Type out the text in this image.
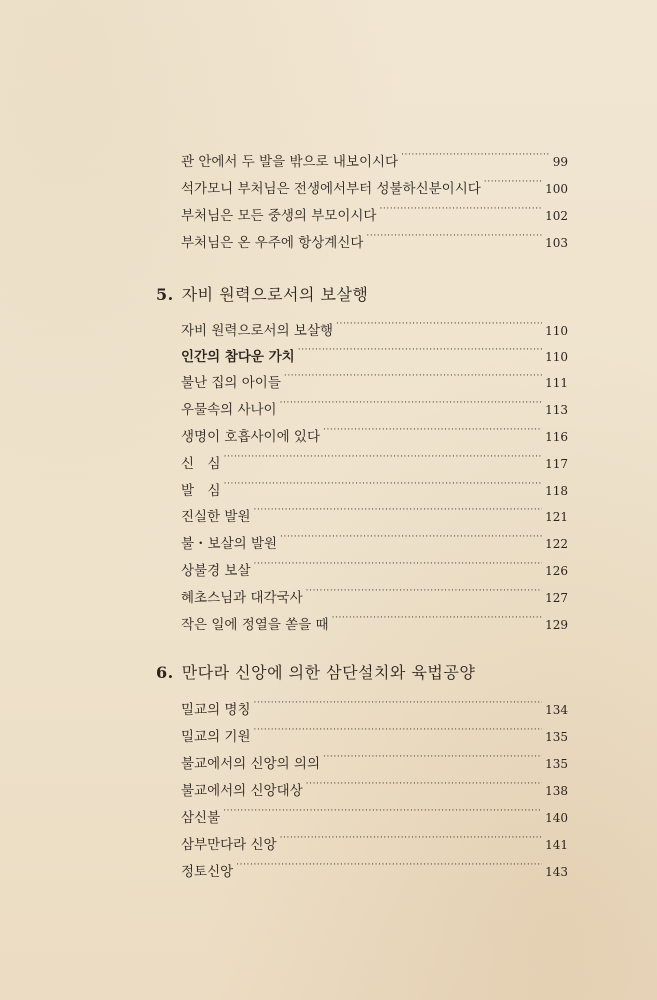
관 안에서 두 발을 밖으로 내보이시다 ·····	99
석가모니 부처님은 전생에서부터 성불하신분이시다 ·····	100
부처님은 모든 중생의 부모이시다 ·····	102
부처님은 온 우주에 항상계신다 ·····	103
5. 자비 원력으로서의 보살행
자비 원력으로서의 보살행 ·····	110
인간의 참다운 가치 ·····	110
불난 집의 아이들 ·····	111
우물속의 사나이 ·····	113
생명이 호흡사이에 있다 ·····	116
신　심 ·····	117
발　심 ·····	118
진실한 발원 ·····	121
불・보살의 발원 ·····	122
상불경 보살 ·····	126
혜초스님과 대각국사 ·····	127
작은 일에 정열을 쏟을 때 ·····	129
6. 만다라 신앙에 의한 삼단설치와 육법공양
밀교의 명칭 ·····	134
밀교의 기원 ·····	135
불교에서의 신앙의 의의 ·····	135
불교에서의 신앙대상 ·····	138
삼신불 ·····	140
삼부만다라 신앙 ·····	141
정토신앙 ·····	143
